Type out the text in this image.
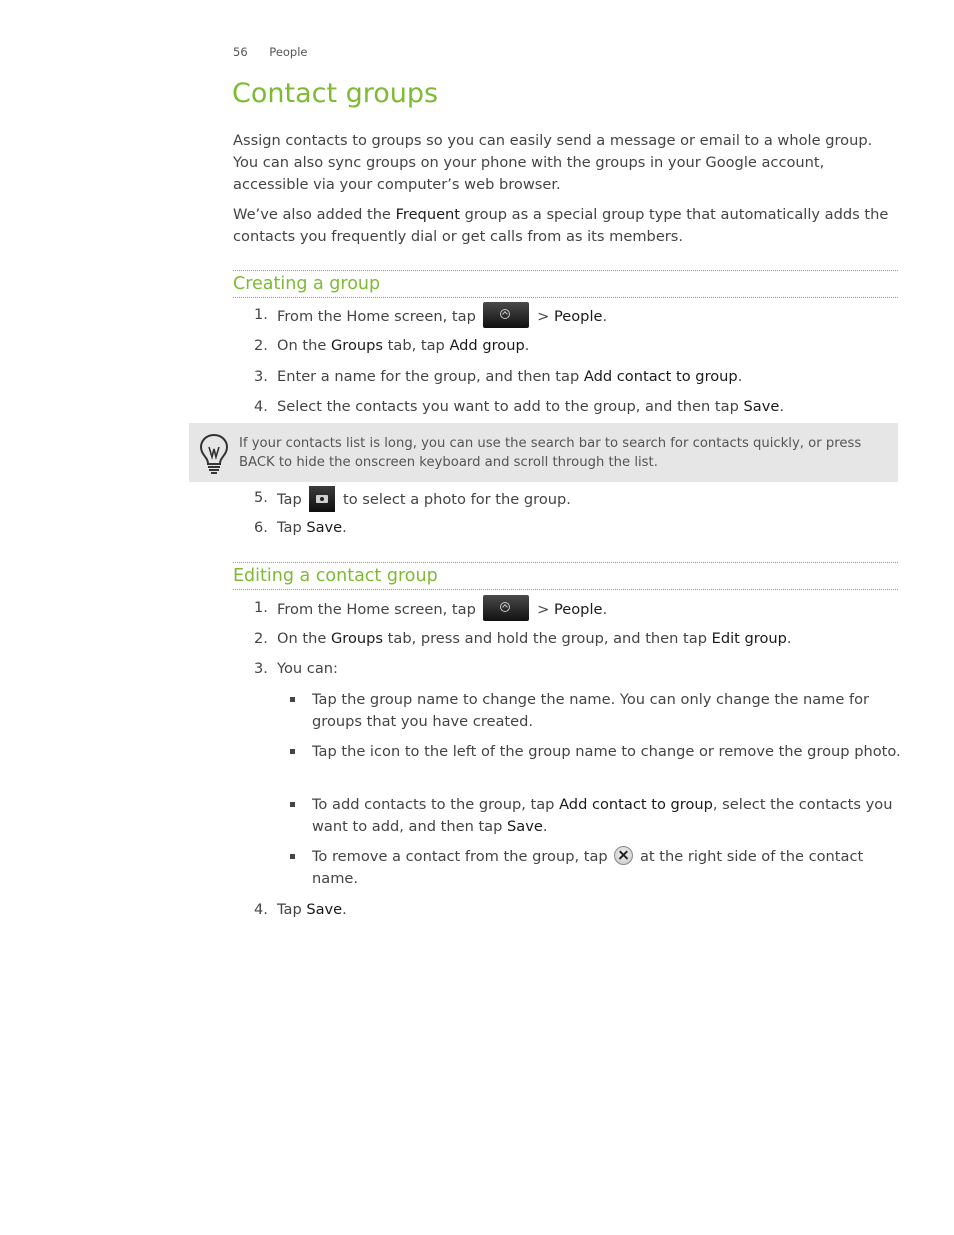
56 People
Contact groups

Assign contacts to groups so you can easily send a message or email to a whole group. You can also sync groups on your phone with the groups in your Google account, accessible via your computer’s web browser.

We’ve also added the Frequent group as a special group type that automatically adds the contacts you frequently dial or get calls from as its members.

Creating a group
1. From the Home screen, tap	> People.
2. On the Groups tab, tap Add group.
3. Enter a name for the group, and then tap Add contact to group.
4. Select the contacts you want to add to the group, and then tap Save.
If your contacts list is long, you can use the search bar to search for contacts quickly, or press BACK to hide the onscreen keyboard and scroll through the list.
5. Tap  to select a photo for the group.
6. Tap Save.
Editing a contact group
1. From the Home screen, tap	> People.
2. On the Groups tab, press and hold the group, and then tap Edit group.
3. You can:
Tap the group name to change the name. You can only change the name for groups that you have created.
Tap the icon to the left of the group name to change or remove the group photo.
To add contacts to the group, tap Add contact to group, select the contacts you want to add, and then tap Save.
To remove a contact from the group, tap  at the right side of the contact name.
4. Tap Save.
